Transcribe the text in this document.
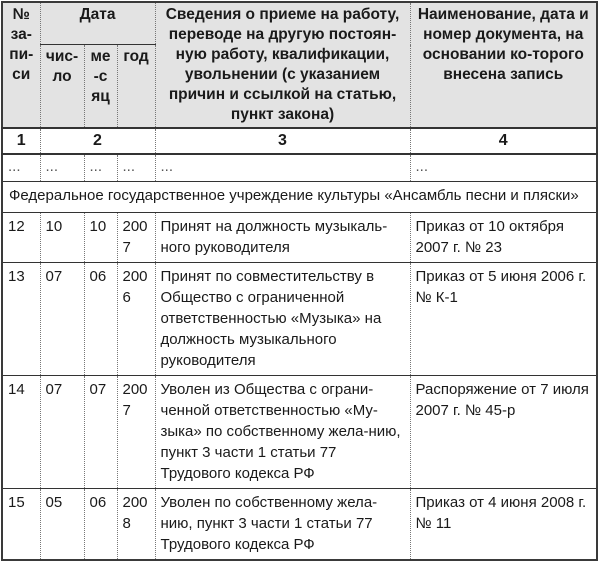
№ за-пи-си	Дата			Сведения о приеме на работу, переводе на другую постоян-ную работу, квалификации, увольнении (с указанием причин и ссылкой на статью, пункт закона)	Наименование, дата и номер документа, на основании ко-торого внесена запись
	чис-ло	ме-сяц	год		
1	2			3	4
...	...	...	...	...	...
Федеральное государственное учреждение культуры «Ансамбль песни и пляски»					
12	10	10	2007	Принят на должность музыкаль-ного руководителя	Приказ от 10 октября 2007 г. № 23
13	07	06	2006	Принят по совместительству в Общество с ограниченной ответственностью «Музыка» на должность музыкального руководителя	Приказ от 5 июня 2006 г. № К-1
14	07	07	2007	Уволен из Общества с ограни-ченной ответственностью «Му-зыка» по собственному жела-нию, пункт 3 части 1 статьи 77 Трудового кодекса РФ	Распоряжение от 7 июля 2007 г. № 45-р
15	05	06	2008	Уволен по собственному жела-нию, пункт 3 части 1 статьи 77 Трудового кодекса РФ	Приказ от 4 июня 2008 г. № 11
